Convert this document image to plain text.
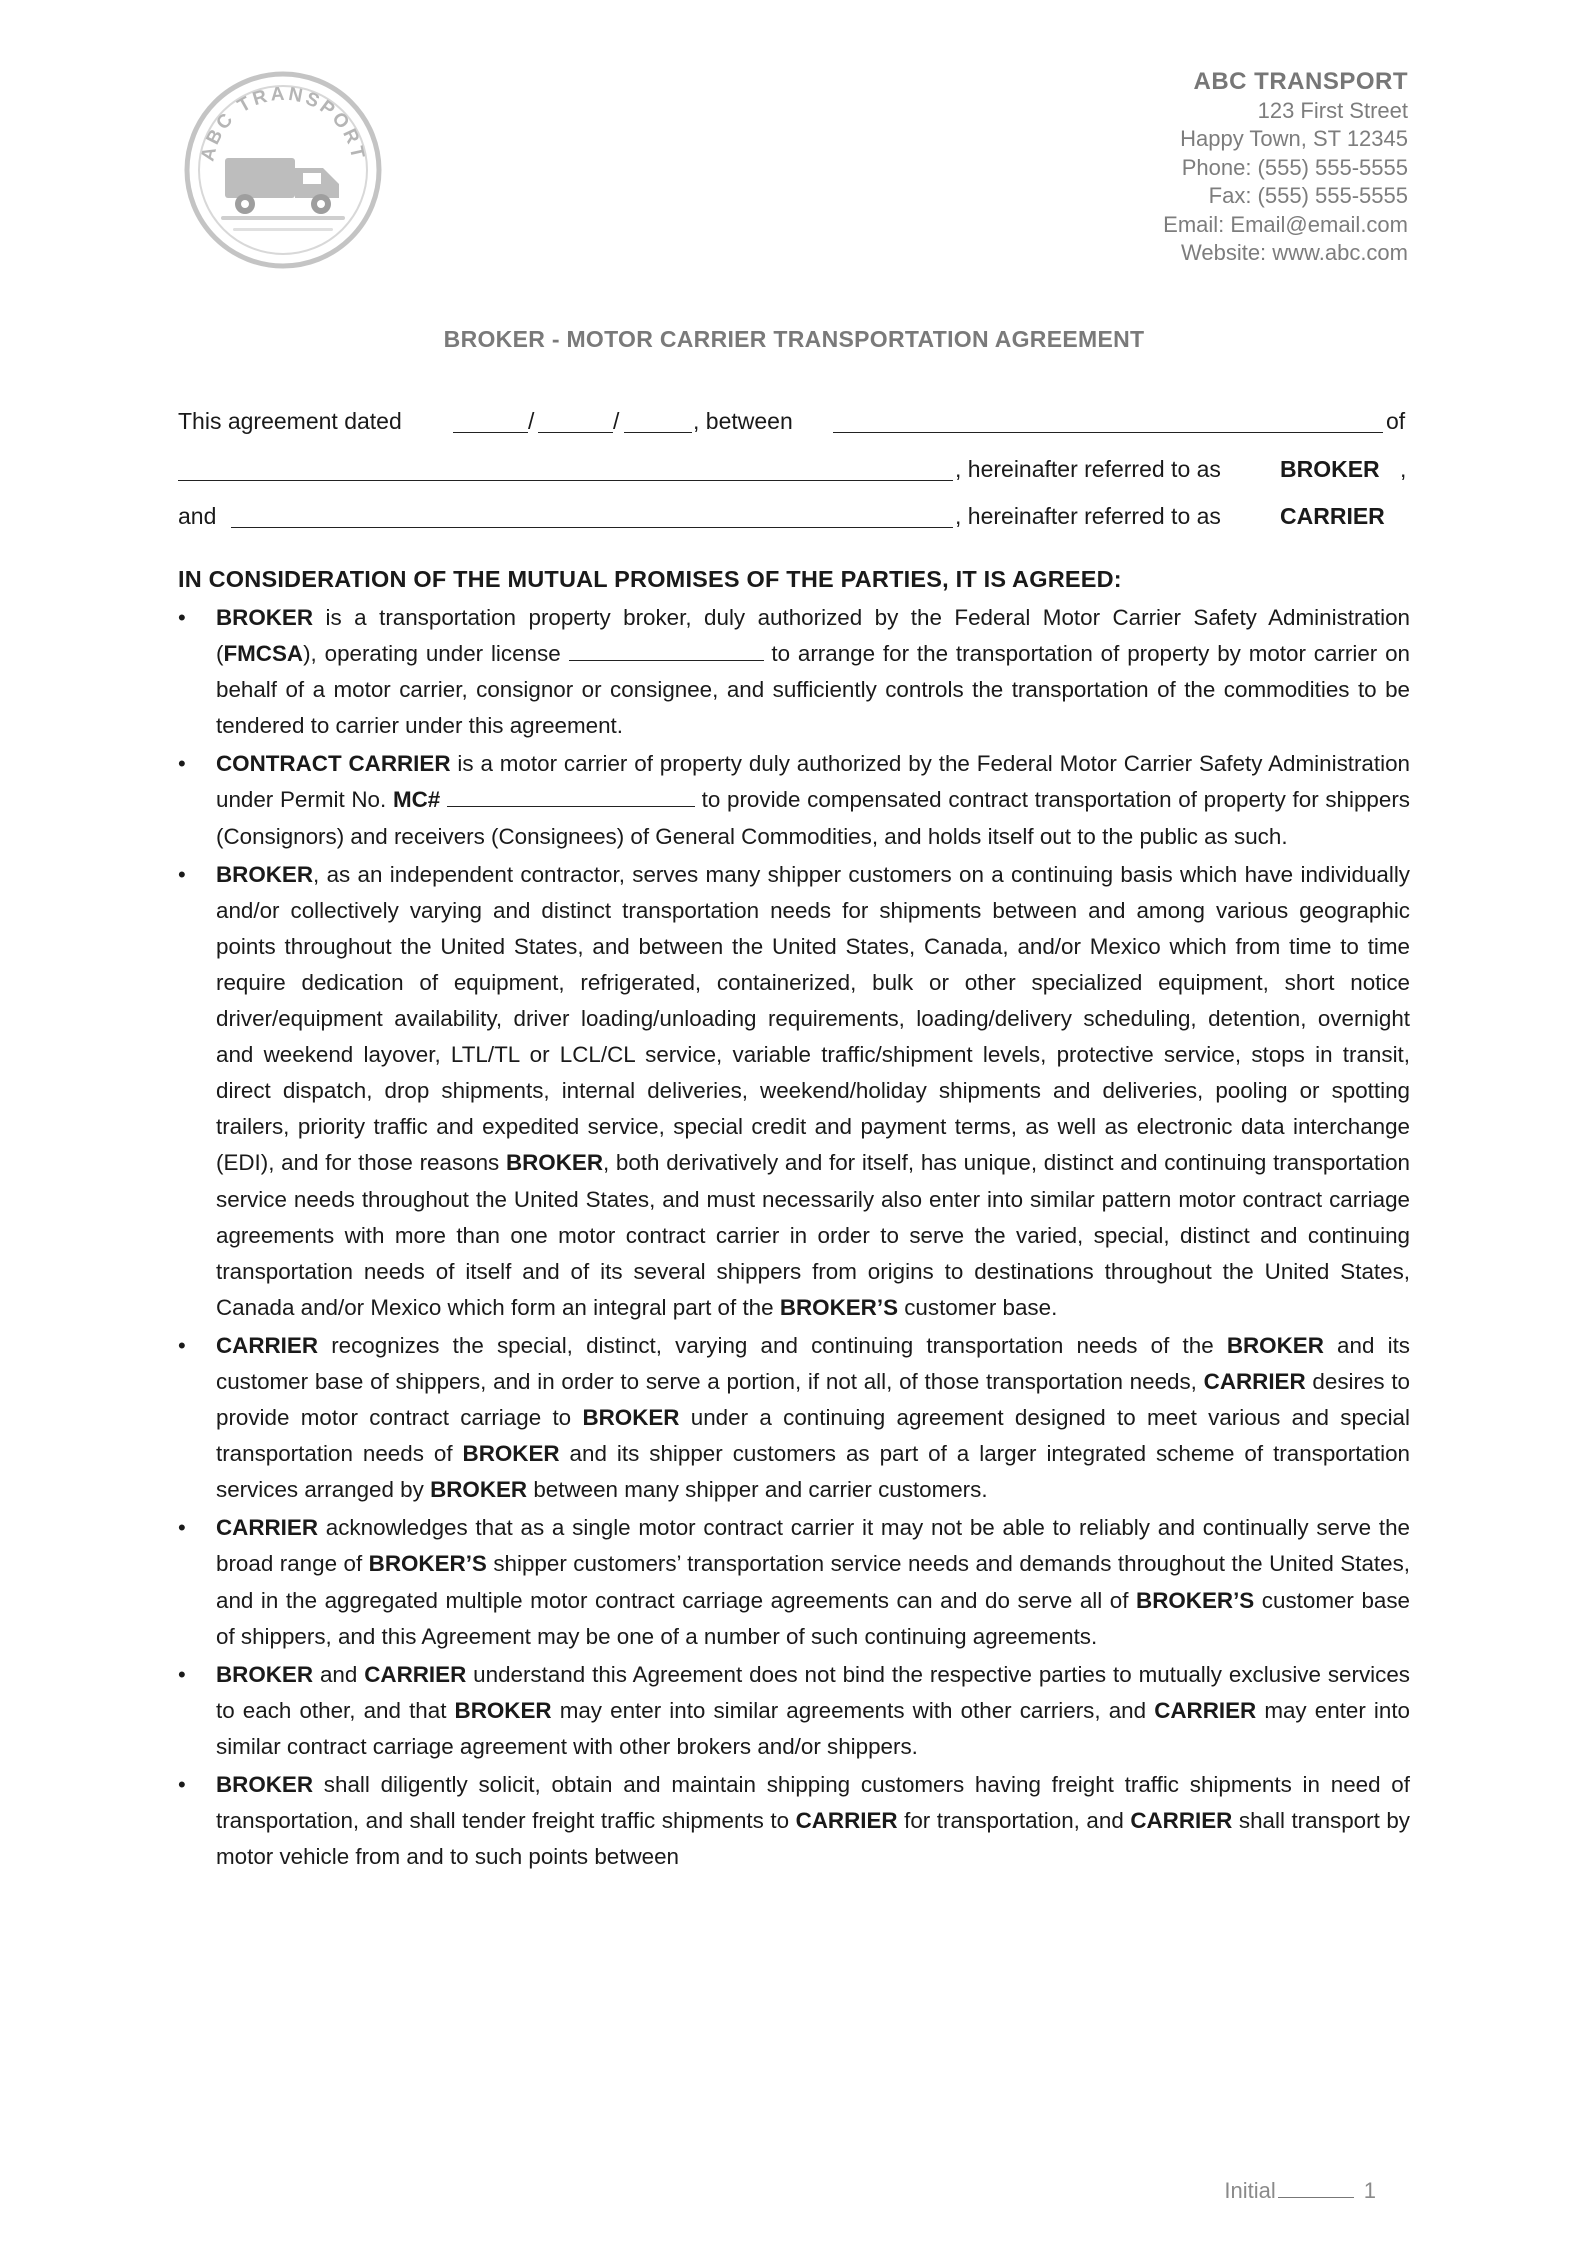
ABC TRANSPORT
ABC TRANSPORT
123 First Street
Happy Town, ST 12345
Phone: (555) 555-5555
Fax: (555) 555-5555
Email: Email@email.com
Website: www.abc.com
BROKER - MOTOR CARRIER TRANSPORTATION AGREEMENT
This agreement dated	/	/	, between	of
, hereinafter referred to as	BROKER ,
and	, hereinafter referred to as	CARRIER
IN CONSIDERATION OF THE MUTUAL PROMISES OF THE PARTIES, IT IS AGREED:
• BROKER is a transportation property broker, duly authorized by the Federal Motor Carrier Safety Administration (FMCSA), operating under license	to arrange for the transportation of property by motor carrier on behalf of a motor carrier, consignor or consignee, and sufficiently controls the transportation of the commodities to be tendered to carrier under this agreement.
• CONTRACT CARRIER is a motor carrier of property duly authorized by the Federal Motor Carrier Safety Administration under Permit No. MC#	to provide compensated contract transportation of property for shippers (Consignors) and receivers (Consignees) of General Commodities, and holds itself out to the public as such.
• BROKER, as an independent contractor, serves many shipper customers on a continuing basis which have individually and/or collectively varying and distinct transportation needs for shipments between and among various geographic points throughout the United States, and between the United States, Canada, and/or Mexico which from time to time require dedication of equipment, refrigerated, containerized, bulk or other specialized equipment, short notice driver/equipment availability, driver loading/unloading requirements, loading/delivery scheduling, detention, overnight and weekend layover, LTL/TL or LCL/CL service, variable traffic/shipment levels, protective service, stops in transit, direct dispatch, drop shipments, internal deliveries, weekend/holiday shipments and deliveries, pooling or spotting trailers, priority traffic and expedited service, special credit and payment terms, as well as electronic data interchange (EDI), and for those reasons BROKER, both derivatively and for itself, has unique, distinct and continuing transportation service needs throughout the United States, and must necessarily also enter into similar pattern motor contract carriage agreements with more than one motor contract carrier in order to serve the varied, special, distinct and continuing transportation needs of itself and of its several shippers from origins to destinations throughout the United States, Canada and/or Mexico which form an integral part of the BROKER’S customer base.
• CARRIER recognizes the special, distinct, varying and continuing transportation needs of the BROKER and its customer base of shippers, and in order to serve a portion, if not all, of those transportation needs, CARRIER desires to provide motor contract carriage to BROKER under a continuing agreement designed to meet various and special transportation needs of BROKER and its shipper customers as part of a larger integrated scheme of transportation services arranged by BROKER between many shipper and carrier customers.
• CARRIER acknowledges that as a single motor contract carrier it may not be able to reliably and continually serve the broad range of BROKER’S shipper customers’ transportation service needs and demands throughout the United States, and in the aggregated multiple motor contract carriage agreements can and do serve all of BROKER’S customer base of shippers, and this Agreement may be one of a number of such continuing agreements.
• BROKER and CARRIER understand this Agreement does not bind the respective parties to mutually exclusive services to each other, and that BROKER may enter into similar agreements with other carriers, and CARRIER may enter into similar contract carriage agreement with other brokers and/or shippers.
• BROKER shall diligently solicit, obtain and maintain shipping customers having freight traffic shipments in need of transportation, and shall tender freight traffic shipments to CARRIER for transportation, and CARRIER shall transport by motor vehicle from and to such points between
Initial	1
